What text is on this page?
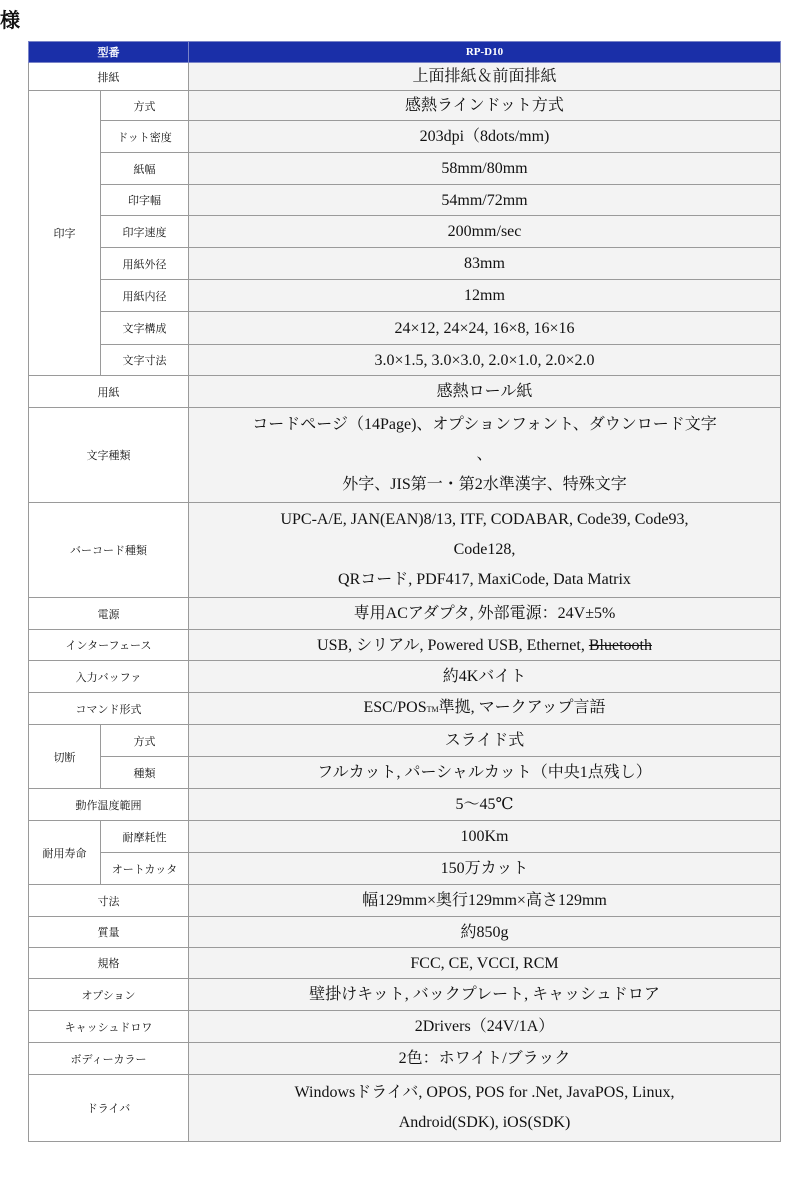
様
型番		RP-D10
排紙		上面排紙＆前面排紙
印字	方式	感熱ラインドット方式
	ドット密度	203dpi（8dots/mm)
	紙幅	58mm/80mm
	印字幅	54mm/72mm
	印字速度	200mm/sec
	用紙外径	83mm
	用紙内径	12mm
	文字構成	24×12, 24×24, 16×8, 16×16
	文字寸法	3.0×1.5, 3.0×3.0, 2.0×1.0, 2.0×2.0
用紙		感熱ロール紙
文字種類		コードページ（14Page)、オプションフォント、ダウンロード文字
、
外字、JIS第一・第2水準漢字、特殊文字

バーコード種類		UPC-A/E, JAN(EAN)8/13, ITF, CODABAR, Code39, Code93,
Code128,
QRコード, PDF417, MaxiCode, Data Matrix

電源		専用ACアダプタ, 外部電源：24V±5%
インターフェース		USB, シリアル, Powered USB, Ethernet, Bluetooth
入力バッファ		約4Kバイト
コマンド形式		ESC/POSTM準拠, マークアップ言語
切断	方式	スライド式
	種類	フルカット, パーシャルカット（中央1点残し）
動作温度範囲		5〜45℃
耐用寿命	耐摩耗性	100Km
	オートカッタ	150万カット
寸法		幅129mm×奥行129mm×高さ129mm
質量		約850g
規格		FCC, CE, VCCI, RCM
オプション		壁掛けキット, バックプレート, キャッシュドロア
キャッシュドロワ		2Drivers（24V/1A）
ボディーカラー		2色：ホワイト/ブラック
ドライバ		Windowsドライバ, OPOS, POS for .Net, JavaPOS, Linux,
Android(SDK), iOS(SDK)
